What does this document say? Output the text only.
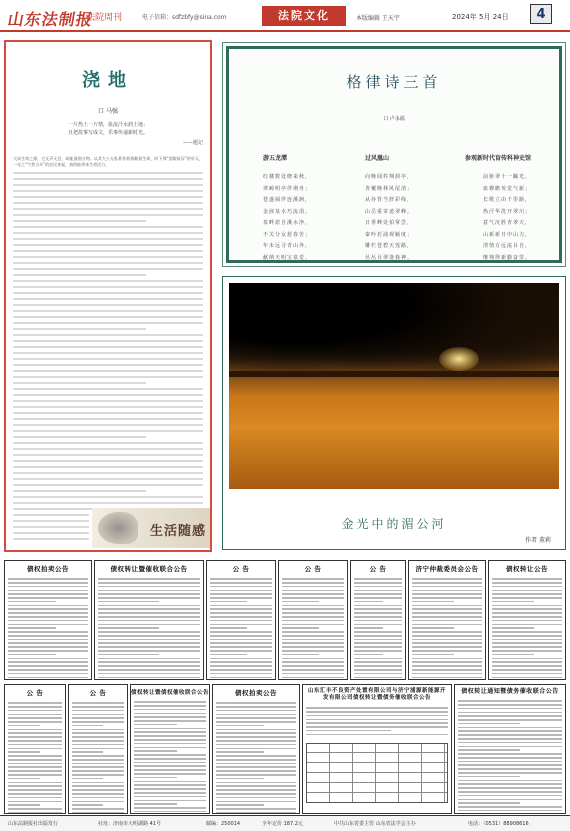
山东法制报
法院周刊	电子信箱：sdfzbfy@sina.com	法院文化	本版编辑 王天宇	2024年 5月 24日	4
浇地
口 马强
一片热土一片情，血流汗水润土地；
且把故事写成文，乐事传递新时光。
——题记
大雨生命之源，它无声无息，却能滋润万物。以其大公无私著养着那颗最生命，时下那“望眼欲穿”的旱天，一年之“气势当开”的农民来说，真的能带来生命活力。
生活随感
格律诗三首
口 卢永福
游五龙潭
红楼数处晓来秋，
翠嶂明亭伴荆舟；
苍遂阔伴连溪涧，
金液泉水巧流涓。
泉畔淤自溪水净，
不关分女惹春苦；
年未远寻青山外，
献纳天明宝泉觉。
过风凰山
向晚闻杵翔洞亭，
青覆晚林风尾清；
从谷背当舒彩线，
山岳重寄逍翠峰。
日垂峰处拍掌尝，
秦吟若浦观颖度；
雕栏苍碧天莲路，
丛丛目翠逢我神。
参观新时代盲传科神史馆
前驱翠十一瞩光，
血穆瞻英觉气新；
长歌立由千里路，
热汗华洗开翠川；
意气沉胜青翠天，
山新新日中山力，
清情方远流目自，
继翔得新勤奋里。
金光中的湄公河
作者 董莉
债权拍卖公告	债权转让暨催收联合公告	公 告	公 告	公 告	济宁仲裁委员会公告	债权转让公告
公 告	公 告	债权转让暨债权催收联合公告	债权拍卖公告	山东汇丰不良资产处置有限公司与济宁浦源新能源开发有限公司债权转让暨债务催收联合公告
债权转让通知暨债务催收联合公告
山东法制报社出版发行	社址：济南市大明湖路 41号	邮编：250014	全年定价 187.2元	中共山东省委主管 山东省法学会主办	电话：（0531）88908616
